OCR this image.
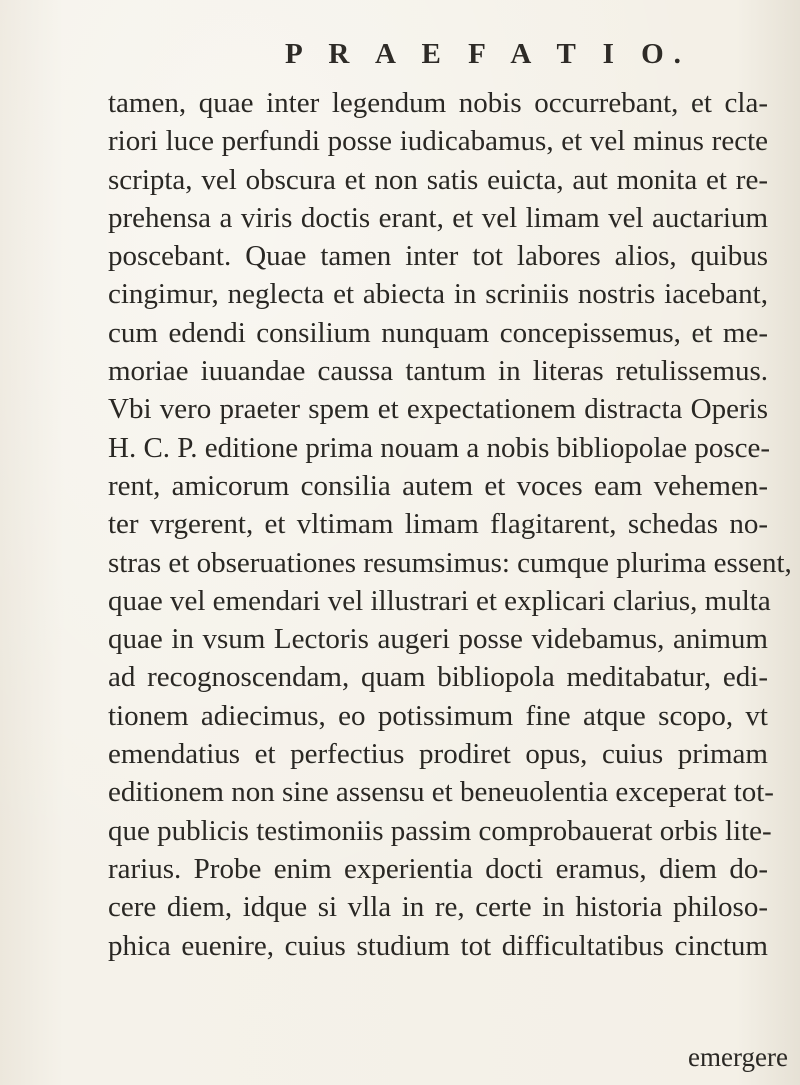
P R A E F A T I O.
tamen, quae inter legendum nobis occurrebant, et cla-
riori luce perfundi posse iudicabamus, et vel minus recte
scripta, vel obscura et non satis euicta, aut monita et re-
prehensa a viris doctis erant, et vel limam vel auctarium
poscebant. Quae tamen inter tot labores alios, quibus
cingimur, neglecta et abiecta in scriniis nostris iacebant,
cum edendi consilium nunquam concepissemus, et me-
moriae iuuandae caussa tantum in literas retulissemus.
Vbi vero praeter spem et expectationem distracta Operis
H. C. P. editione prima nouam a nobis bibliopolae posce-
rent, amicorum consilia autem et voces eam vehemen-
ter vrgerent, et vltimam limam flagitarent, schedas no-
stras et obseruationes resumsimus: cumque plurima essent,
quae vel emendari vel illustrari et explicari clarius, multa
quae in vsum Lectoris augeri posse videbamus, animum
ad recognoscendam, quam bibliopola meditabatur, edi-
tionem adiecimus, eo potissimum fine atque scopo, vt
emendatius et perfectius prodiret opus, cuius primam
editionem non sine assensu et beneuolentia exceperat tot-
que publicis testimoniis passim comprobauerat orbis lite-
rarius. Probe enim experientia docti eramus, diem do-
cere diem, idque si vlla in re, certe in historia philoso-
phica euenire, cuius studium tot difficultatibus cinctum
emergere
